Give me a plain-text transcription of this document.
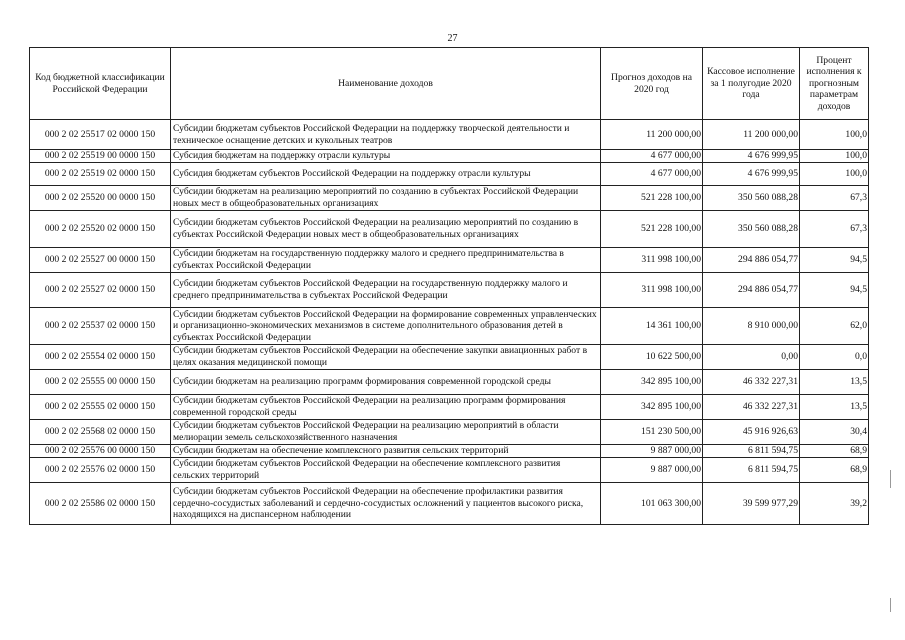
27
Код бюджетной классификации Российской Федерации	Наименование доходов	Прогноз доходов на 2020 год	Кассовое исполнение за 1 полугодие 2020 года	Процент исполнения к прогнозным параметрам доходов
000 2 02 25517 02 0000 150	Субсидии бюджетам субъектов Российской Федерации на поддержку творческой деятельности и техническое оснащение детских и кукольных театров	11 200 000,00	11 200 000,00	100,0
000 2 02 25519 00 0000 150	Субсидия бюджетам на поддержку отрасли культуры	4 677 000,00	4 676 999,95	100,0
000 2 02 25519 02 0000 150	Субсидия бюджетам субъектов Российской Федерации на поддержку отрасли культуры	4 677 000,00	4 676 999,95	100,0
000 2 02 25520 00 0000 150	Субсидии бюджетам на реализацию мероприятий по созданию в субъектах Российской Федерации новых мест в общеобразовательных организациях	521 228 100,00	350 560 088,28	67,3
000 2 02 25520 02 0000 150	Субсидии бюджетам субъектов Российской Федерации на реализацию мероприятий по созданию в субъектах Российской Федерации новых мест в общеобразовательных организациях	521 228 100,00	350 560 088,28	67,3
000 2 02 25527 00 0000 150	Субсидии бюджетам на государственную поддержку малого и среднего предпринимательства в субъектах Российской Федерации	311 998 100,00	294 886 054,77	94,5
000 2 02 25527 02 0000 150	Субсидии бюджетам субъектов Российской Федерации на государственную поддержку малого и среднего предпринимательства в субъектах Российской Федерации	311 998 100,00	294 886 054,77	94,5
000 2 02 25537 02 0000 150	Субсидии бюджетам субъектов Российской Федерации на формирование современных управленческих и организационно-экономических механизмов в системе дополнительного образования детей в субъектах Российской Федерации	14 361 100,00	8 910 000,00	62,0
000 2 02 25554 02 0000 150	Субсидии бюджетам субъектов Российской Федерации на обеспечение закупки авиационных работ в целях оказания медицинской помощи	10 622 500,00	0,00	0,0
000 2 02 25555 00 0000 150	Субсидии бюджетам на реализацию программ формирования современной городской среды	342 895 100,00	46 332 227,31	13,5
000 2 02 25555 02 0000 150	Субсидии бюджетам субъектов Российской Федерации на реализацию программ формирования современной городской среды	342 895 100,00	46 332 227,31	13,5
000 2 02 25568 02 0000 150	Субсидии бюджетам субъектов Российской Федерации на реализацию мероприятий в области мелиорации земель сельскохозяйственного назначения	151 230 500,00	45 916 926,63	30,4
000 2 02 25576 00 0000 150	Субсидии бюджетам на обеспечение комплексного развития сельских территорий	9 887 000,00	6 811 594,75	68,9
000 2 02 25576 02 0000 150	Субсидии бюджетам субъектов Российской Федерации на обеспечение комплексного развития сельских территорий	9 887 000,00	6 811 594,75	68,9
000 2 02 25586 02 0000 150	Субсидии бюджетам субъектов Российской Федерации на обеспечение профилактики развития сердечно-сосудистых заболеваний и сердечно-сосудистых осложнений у пациентов высокого риска, находящихся на диспансерном наблюдении	101 063 300,00	39 599 977,29	39,2
